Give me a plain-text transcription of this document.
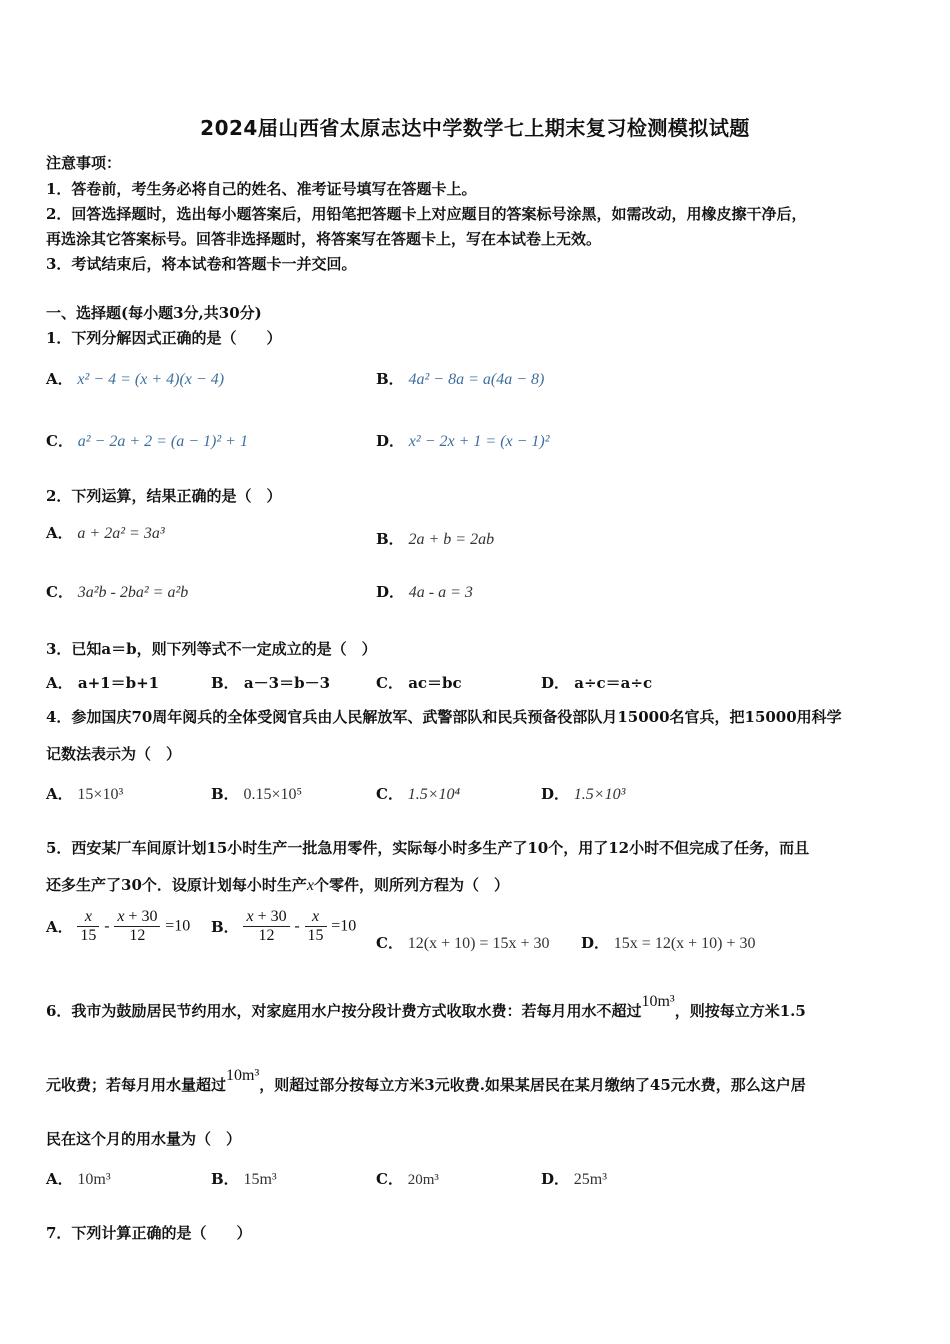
2024届山西省太原志达中学数学七上期末复习检测模拟试题
注意事项：
1．答卷前，考生务必将自己的姓名、准考证号填写在答题卡上。
2．回答选择题时，选出每小题答案后，用铅笔把答题卡上对应题目的答案标号涂黑，如需改动，用橡皮擦干净后，
再选涂其它答案标号。回答非选择题时，将答案写在答题卡上，写在本试卷上无效。
3．考试结束后，将本试卷和答题卡一并交回。
一、选择题(每小题3分,共30分)
1．下列分解因式正确的是（　　）
A． x² − 4 = (x + 4)(x − 4)	B． 4a² − 8a = a(4a − 8)
C． a² − 2a + 2 = (a − 1)² + 1	D． x² − 2x + 1 = (x − 1)²
2．下列运算，结果正确的是（　）
A． a + 2a² = 3a³	B． 2a + b = 2ab
C． 3a²b - 2ba² = a²b	D． 4a - a = 3
3．已知a＝b，则下列等式不一定成立的是（　）
A． a+1＝b+1	B． a－3＝b－3	C． ac＝bc	D． a÷c＝a÷c
4．参加国庆70周年阅兵的全体受阅官兵由人民解放军、武警部队和民兵预备役部队月15000名官兵，把15000用科学
记数法表示为（　）
A． 15×10³	B． 0.15×10⁵	C． 1.5×10⁴	D． 1.5×10³
5．西安某厂车间原计划15小时生产一批急用零件，实际每小时多生产了10个，用了12小时不但完成了任务，而且
还多生产了30个．设原计划每小时生产x个零件，则所列方程为（　）
A． $\frac{x}{15} - \frac{x + 30}{12} =10$ B． $\frac{x + 30}{12} - \frac{x}{15} =10$
C． 12(x + 10) = 15x + 30 D． 15x = 12(x + 10) + 30
6．我市为鼓励居民节约用水，对家庭用水户按分段计费方式收取水费：若每月用水不超过10m³，则按每立方米1.5
元收费；若每月用水量超过10m³，则超过部分按每立方米3元收费.如果某居民在某月缴纳了45元水费，那么这户居
民在这个月的用水量为（　）
A． 10m³	B． 15m³	C． 20m³	D． 25m³
7．下列计算正确的是（　　）
